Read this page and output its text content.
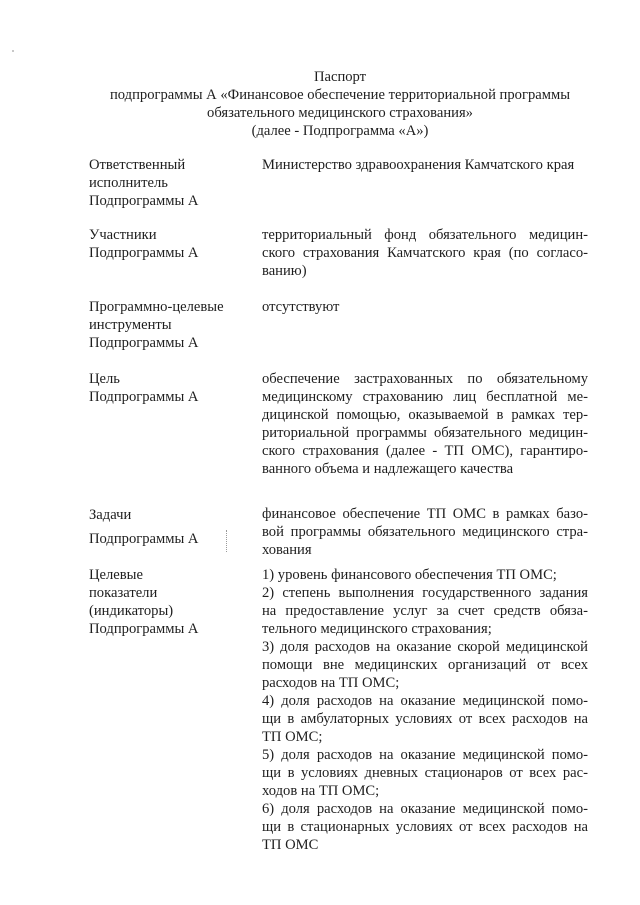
Паспорт
подпрограммы А «Финансовое обеспечение территориальной программы
обязательного медицинского страхования»
(далее - Подпрограмма «А»)
Ответственный
исполнитель
Подпрограммы А
Министерство здравоохранения Камчатского края
Участники
Подпрограммы А
территориальный фонд обязательного медицин-
ского страхования Камчатского края (по согласо-
ванию)
Программно-целевые
инструменты
Подпрограммы А
отсутствуют
Цель
Подпрограммы А
обеспечение застрахованных по обязательному
медицинскому страхованию лиц бесплатной ме-
дицинской помощью, оказываемой в рамках тер-
риториальной программы обязательного медицин-
ского страхования (далее - ТП ОМС), гарантиро-
ванного объема и надлежащего качества
Задачи
Подпрограммы А
финансовое обеспечение ТП ОМС в рамках базо-
вой программы обязательного медицинского стра-
хования
Целевые
показатели
(индикаторы)
Подпрограммы А
1) уровень финансового обеспечения ТП ОМС;
2) степень выполнения государственного задания
на предоставление услуг за счет средств обяза-
тельного медицинского страхования;
3) доля расходов на оказание скорой медицинской
помощи вне медицинских организаций от всех
расходов на ТП ОМС;
4) доля расходов на оказание медицинской помо-
щи в амбулаторных условиях от всех расходов на
ТП ОМС;
5) доля расходов на оказание медицинской помо-
щи в условиях дневных стационаров от всех рас-
ходов на ТП ОМС;
6) доля расходов на оказание медицинской помо-
щи в стационарных условиях от всех расходов на
ТП ОМС
